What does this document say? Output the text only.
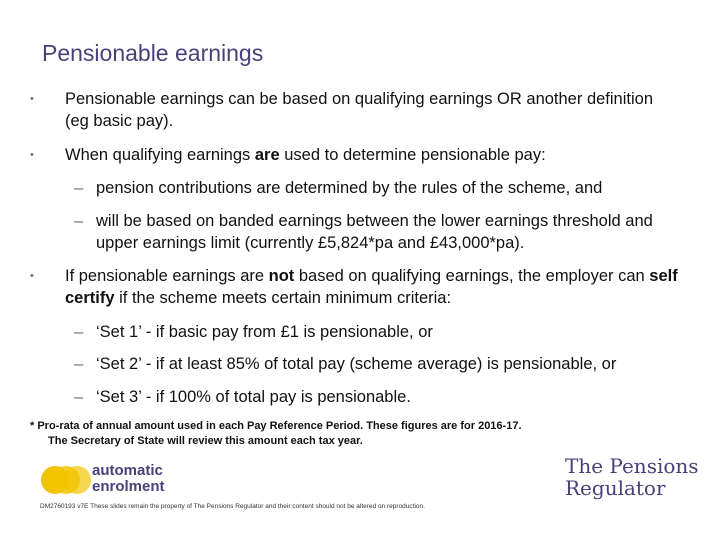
Pensionable earnings
• Pensionable earnings can be based on qualifying earnings OR another definition (eg basic pay).
• When qualifying earnings are used to determine pensionable pay:
– pension contributions are determined by the rules of the scheme, and
– will be based on banded earnings between the lower earnings threshold and upper earnings limit (currently £5,824*pa and £43,000*pa).
• If pensionable earnings are not based on qualifying earnings, the employer can self certify if the scheme meets certain minimum criteria:
– ‘Set 1’ - if basic pay from £1 is pensionable, or
– ‘Set 2’ - if at least 85% of total pay (scheme average) is pensionable, or
– ‘Set 3’ - if 100% of total pay is pensionable.
* Pro-rata of annual amount used in each Pay Reference Period. These figures are for 2016-17.
The Secretary of State will review this amount each tax year.
automatic
enrolment
The Pensions
Regulator
DM2760193 v7E These slides remain the property of The Pensions Regulator and their content should not be altered on reproduction.
